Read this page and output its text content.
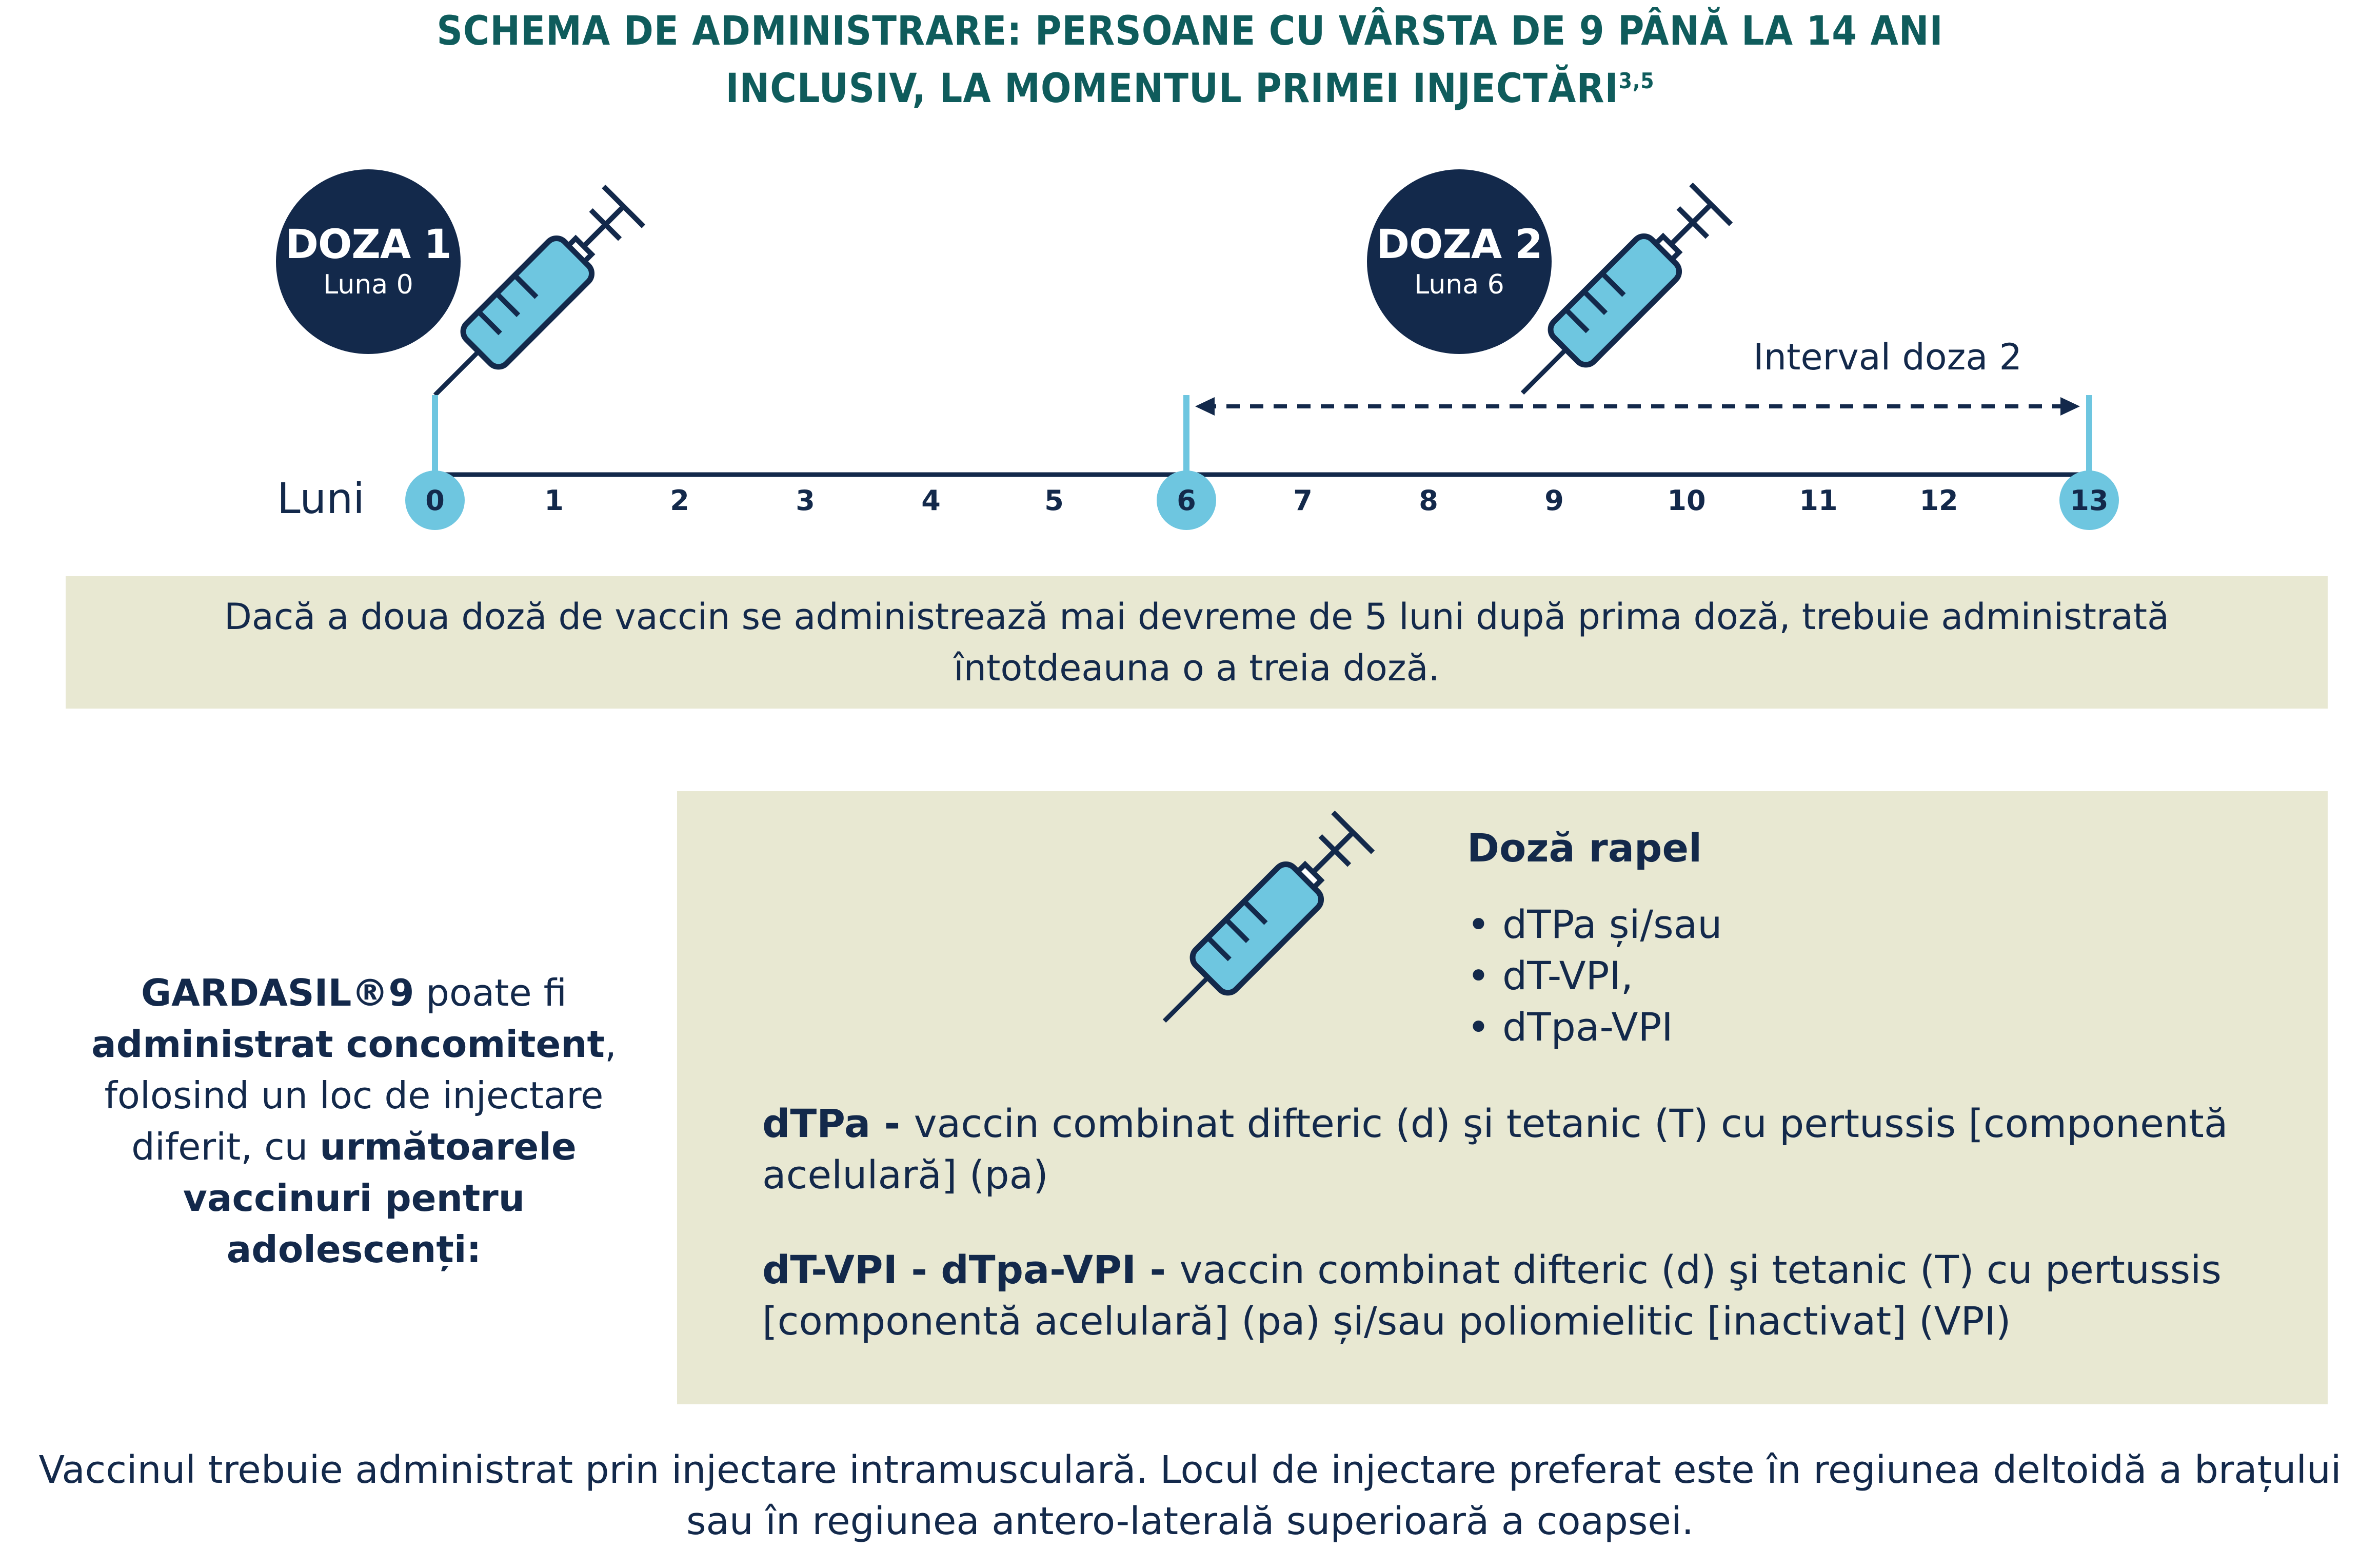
SCHEMA DE ADMINISTRARE: PERSOANE CU VÂRSTA DE 9 PÂNĂ LA 14 ANI
INCLUSIV, LA MOMENTUL PRIMEI INJECTĂRI$^{3,5}$
0	1	2	3	4	5	6	7	8	9	10	11	12	13
DOZA 1
Luna 0
DOZA 2
Luna 6
Luni
Interval doza 2
Dacă a doua doză de vaccin se administrează mai devreme de 5 luni după prima doză, trebuie administrată întotdeauna o a treia doză.
GARDASIL®9 poate fi administrat concomitent, folosind un loc de injectare diferit, cu următoarele vaccinuri pentru adolescenți:
Doză rapel
• dTPa și/sau
• dT-VPI,
• dTpa-VPI
dTPa - vaccin combinat difteric (d) şi tetanic (T) cu pertussis [componentă acelulară] (pa)
dT-VPI - dTpa-VPI - vaccin combinat difteric (d) şi tetanic (T) cu pertussis [componentă acelulară] (pa) și/sau poliomielitic [inactivat] (VPI)
Vaccinul trebuie administrat prin injectare intramusculară. Locul de injectare preferat este în regiunea deltoidă a brațului
sau în regiunea antero-laterală superioară a coapsei.
